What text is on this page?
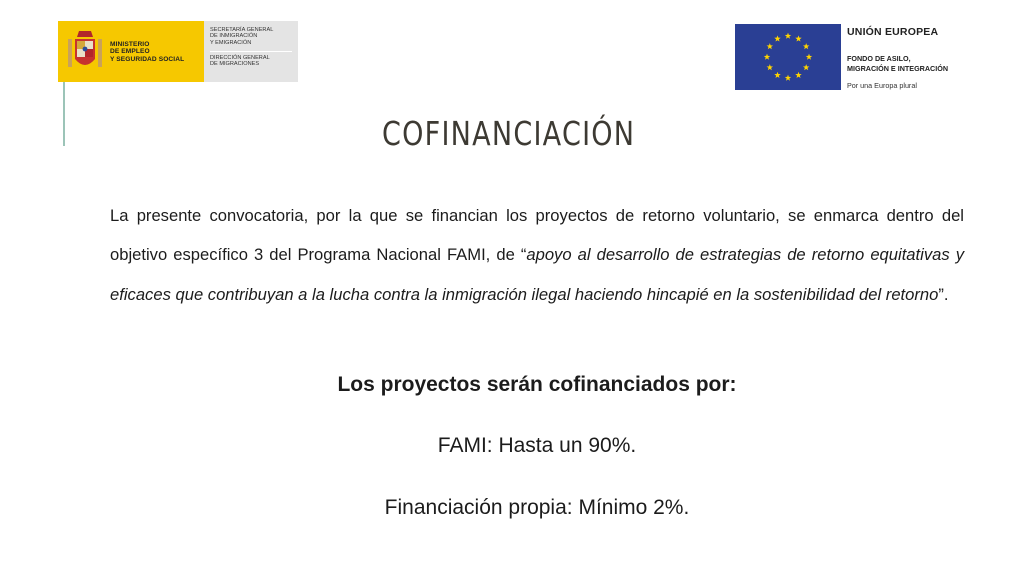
MINISTERIO
DE EMPLEO
Y SEGURIDAD SOCIAL
SECRETARÍA GENERAL
DE INMIGRACIÓN
Y EMIGRACIÓN
DIRECCIÓN GENERAL
DE MIGRACIONES
UNIÓN EUROPEA
FONDO DE ASILO,
MIGRACIÓN E INTEGRACIÓN
Por una Europa plural
COFINANCIACIÓN

La presente convocatoria, por la que se financian los proyectos de retorno voluntario, se enmarca dentro del objetivo específico 3 del Programa Nacional FAMI, de “apoyo al desarrollo de estrategias de retorno equitativas y eficaces que contribuyan a la lucha contra la inmigración ilegal haciendo hincapié en la sostenibilidad del retorno”.

Los proyectos serán cofinanciados por:
FAMI: Hasta un 90%.
Financiación propia: Mínimo 2%.
